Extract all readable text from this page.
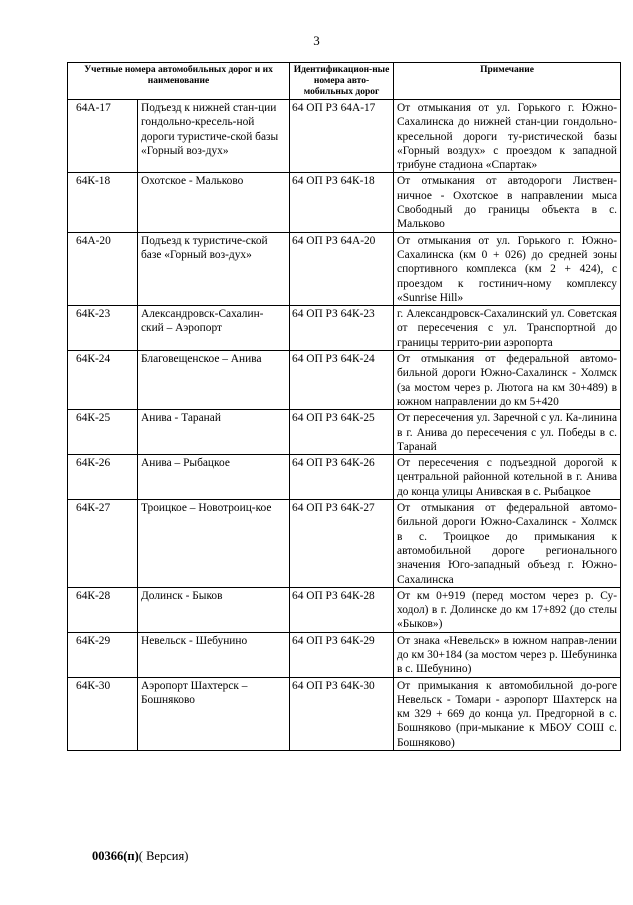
3
Учетные номера автомобильных дорог и их наименование		Идентификацион-ные номера авто-мобильных дорог	Примечание
64А-17	Подъезд к нижней стан-ции гондольно-кресель-ной дороги туристиче-ской базы «Горный воз-дух»	64 ОП РЗ 64А-17	От отмыкания от ул. Горького г. Южно-Сахалинска до нижней стан-ции гондольно-кресельной дороги ту-ристической базы «Горный воздух» с проездом к западной трибуне стадиона «Спартак»
64К-18	Охотское - Мальково	64 ОП РЗ 64К-18	От отмыкания от автодороги Листвен-ничное - Охотское в направлении мыса Свободный до границы объекта в с. Мальково
64А-20	Подъезд к туристиче-ской базе «Горный воз-дух»	64 ОП РЗ 64А-20	От отмыкания от ул. Горького г. Южно-Сахалинска (км 0 + 026) до средней зоны спортивного комплекса (км 2 + 424), с проездом к гостинич-ному комплексу «Sunrise Hill»
64К-23	Александровск-Сахалин-ский – Аэропорт	64 ОП РЗ 64К-23	г. Александровск-Сахалинский ул. Советская от пересечения с ул. Транспортной до границы террито-рии аэропорта
64К-24	Благовещенское – Анива	64 ОП РЗ 64К-24	От отмыкания от федеральной автомо-бильной дороги Южно-Сахалинск - Холмск (за мостом через р. Лютога на км 30+489) в южном направлении до км 5+420
64К-25	Анива - Таранай	64 ОП РЗ 64К-25	От пересечения ул. Заречной с ул. Ка-линина в г. Анива до пересечения с ул. Победы в с. Таранай
64К-26	Анива – Рыбацкое	64 ОП РЗ 64К-26	От пересечения с подъездной дорогой к центральной районной котельной в г. Анива до конца улицы Анивская в с. Рыбацкое
64К-27	Троицкое – Новотроиц-кое	64 ОП РЗ 64К-27	От отмыкания от федеральной автомо-бильной дороги Южно-Сахалинск - Холмск в с. Троицкое до примыкания к автомобильной дороге регионального значения Юго-западный объезд г. Южно-Сахалинска
64К-28	Долинск - Быков	64 ОП РЗ 64К-28	От км 0+919 (перед мостом через р. Су-ходол) в г. Долинске до км 17+892 (до стелы «Быков»)
64К-29	Невельск - Шебунино	64 ОП РЗ 64К-29	От знака «Невельск» в южном направ-лении до км 30+184 (за мостом через р. Шебунинка в с. Шебунино)
64К-30	Аэропорт Шахтерск – Бошняково	64 ОП РЗ 64К-30	От примыкания к автомобильной до-роге Невельск - Томари - аэропорт Шахтерск на км 329 + 669 до конца ул. Предгорной в с. Бошняково (при-мыкание к МБОУ СОШ с. Бошняково)
00366(п)( Версия)
